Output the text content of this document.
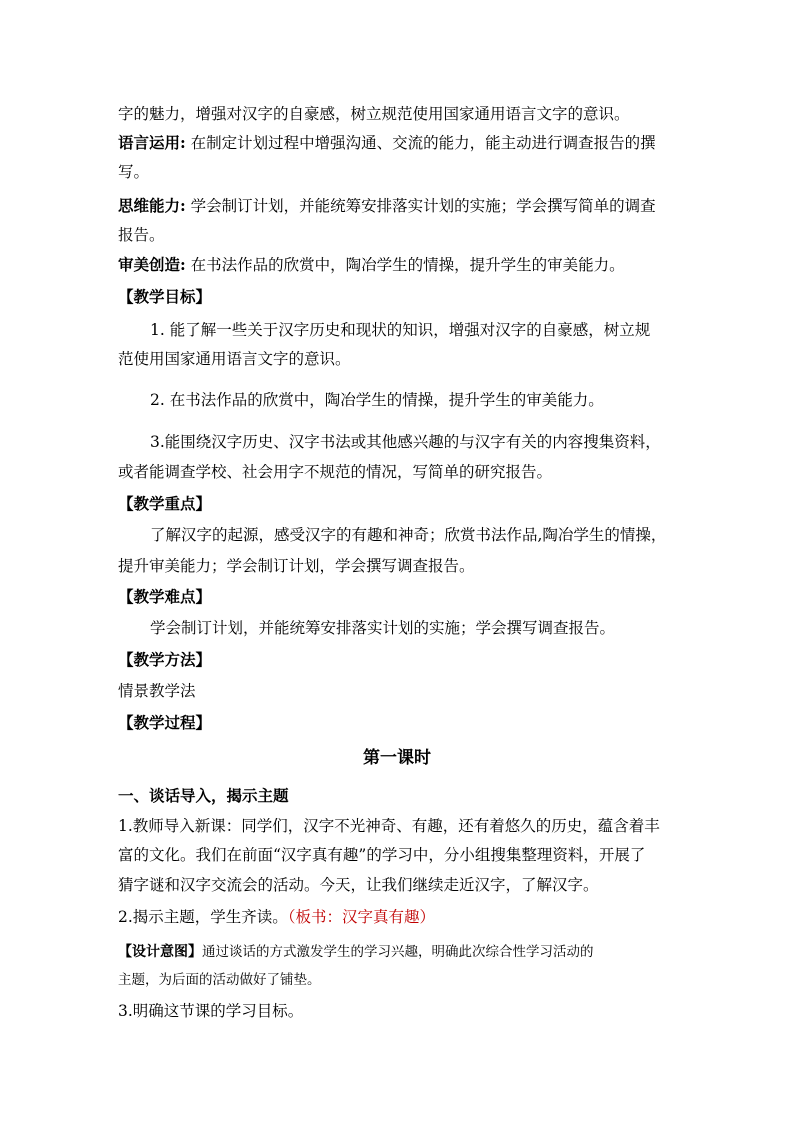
字的魅力，增强对汉字的自豪感，树立规范使用国家通用语言文字的意识。
语言运用: 在制定计划过程中增强沟通、交流的能力，能主动进行调查报告的撰
写。
思维能力: 学会制订计划，并能统筹安排落实计划的实施；学会撰写简单的调查
报告。
审美创造: 在书法作品的欣赏中，陶冶学生的情操，提升学生的审美能力。
【教学目标】
1. 能了解一些关于汉字历史和现状的知识，增强对汉字的自豪感，树立规
范使用国家通用语言文字的意识。
2. 在书法作品的欣赏中，陶冶学生的情操，提升学生的审美能力。
3.能围绕汉字历史、汉字书法或其他感兴趣的与汉字有关的内容搜集资料，
或者能调查学校、社会用字不规范的情况，写简单的研究报告。
【教学重点】
了解汉字的起源，感受汉字的有趣和神奇；欣赏书法作品,陶冶学生的情操，
提升审美能力；学会制订计划，学会撰写调查报告。
【教学难点】
学会制订计划，并能统筹安排落实计划的实施；学会撰写调查报告。
【教学方法】
情景教学法
【教学过程】
第一课时
一、谈话导入，揭示主题
1.教师导入新课：同学们，汉字不光神奇、有趣，还有着悠久的历史，蕴含着丰
富的文化。我们在前面“汉字真有趣”的学习中，分小组搜集整理资料，开展了
猜字谜和汉字交流会的活动。今天，让我们继续走近汉字，了解汉字。
2.揭示主题，学生齐读。（板书：汉字真有趣）
【设计意图】通过谈话的方式激发学生的学习兴趣，明确此次综合性学习活动的
主题，为后面的活动做好了铺垫。
3.明确这节课的学习目标。
